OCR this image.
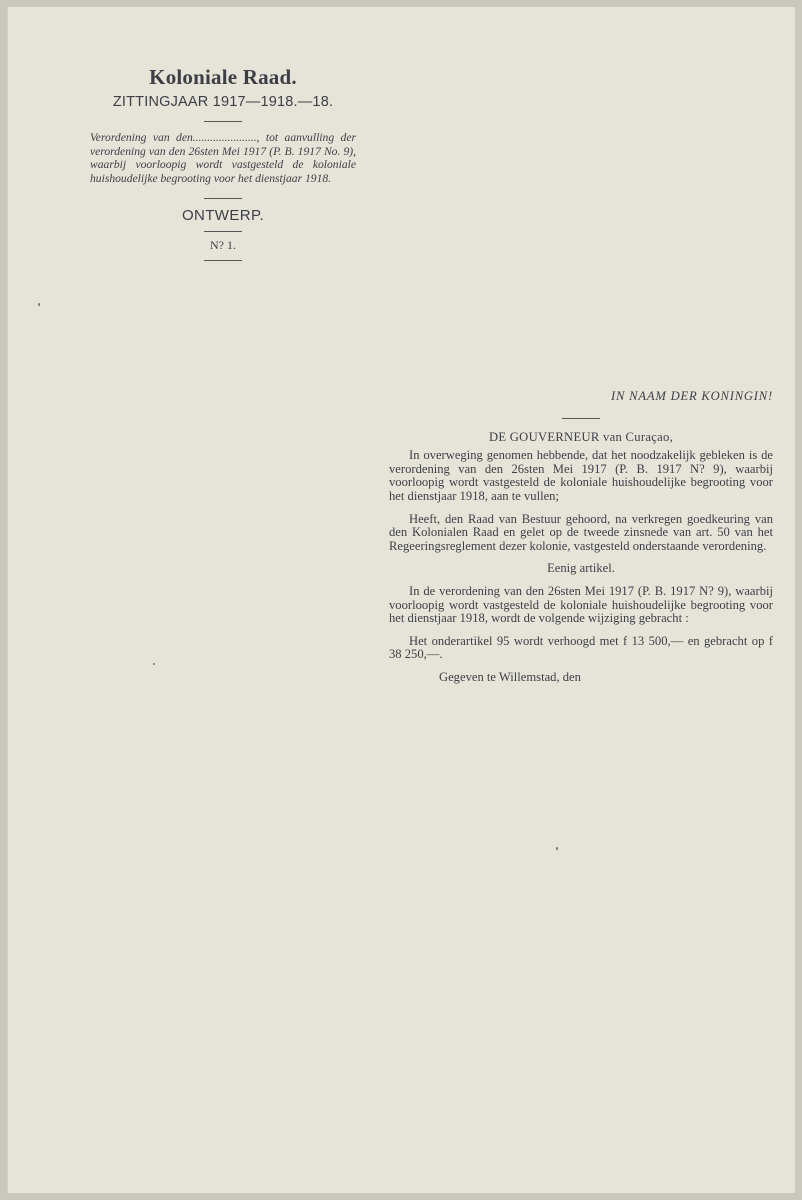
Koloniale Raad.
ZITTINGJAAR 1917—1918.—18.

Verordening van den......................, tot aanvulling der verordening van den 26sten Mei 1917 (P. B. 1917 No. 9), waarbij voorloopig wordt vastgesteld de koloniale huishoudelijke begrooting voor het dienstjaar 1918.

ONTWERP.
N? 1.
IN NAAM DER KONINGIN!
DE GOUVERNEUR van Curaçao,

In overweging genomen hebbende, dat het noodzakelijk gebleken is de verordening van den 26sten Mei 1917 (P. B. 1917 N? 9), waarbij voorloopig wordt vastgesteld de koloniale huishoudelijke begrooting voor het dienstjaar 1918, aan te vullen;

Heeft, den Raad van Bestuur gehoord, na verkregen goedkeuring van den Kolonialen Raad en gelet op de tweede zinsnede van art. 50 van het Regeeringsreglement dezer kolonie, vastgesteld onderstaande verordening.

Eenig artikel.

In de verordening van den 26sten Mei 1917 (P. B. 1917 N? 9), waarbij voorloopig wordt vastgesteld de koloniale huishoudelijke begrooting voor het dienstjaar 1918, wordt de volgende wijziging gebracht :

Het onderartikel 95 wordt verhoogd met f 13 500,— en gebracht op f 38 250,—.

Gegeven te Willemstad, den
